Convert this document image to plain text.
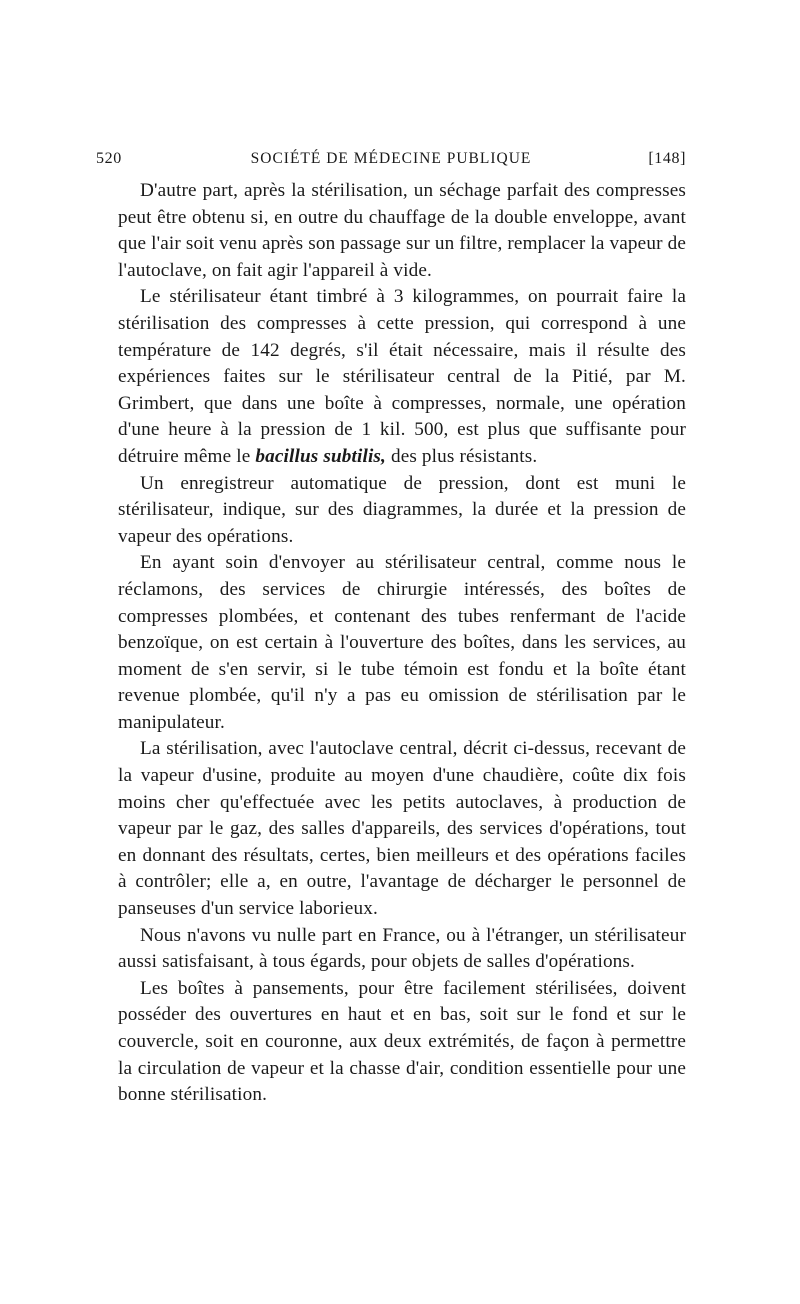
520	SOCIÉTÉ DE MÉDECINE PUBLIQUE	[148]

D'autre part, après la stérilisation, un séchage parfait des compresses peut être obtenu si, en outre du chauffage de la double enveloppe, avant que l'air soit venu après son passage sur un filtre, remplacer la vapeur de l'autoclave, on fait agir l'appareil à vide.

Le stérilisateur étant timbré à 3 kilogrammes, on pourrait faire la stérilisation des compresses à cette pression, qui correspond à une température de 142 degrés, s'il était nécessaire, mais il résulte des expériences faites sur le stérilisateur central de la Pitié, par M. Grimbert, que dans une boîte à compresses, normale, une opération d'une heure à la pression de 1 kil. 500, est plus que suffisante pour détruire même le bacillus subtilis, des plus résistants.

Un enregistreur automatique de pression, dont est muni le stérilisateur, indique, sur des diagrammes, la durée et la pression de vapeur des opérations.

En ayant soin d'envoyer au stérilisateur central, comme nous le réclamons, des services de chirurgie intéressés, des boîtes de compresses plombées, et contenant des tubes renfermant de l'acide benzoïque, on est certain à l'ouverture des boîtes, dans les services, au moment de s'en servir, si le tube témoin est fondu et la boîte étant revenue plombée, qu'il n'y a pas eu omission de stérilisation par le manipulateur.

La stérilisation, avec l'autoclave central, décrit ci-dessus, recevant de la vapeur d'usine, produite au moyen d'une chaudière, coûte dix fois moins cher qu'effectuée avec les petits autoclaves, à production de vapeur par le gaz, des salles d'appareils, des services d'opérations, tout en donnant des résultats, certes, bien meilleurs et des opérations faciles à contrôler; elle a, en outre, l'avantage de décharger le personnel de panseuses d'un service laborieux.

Nous n'avons vu nulle part en France, ou à l'étranger, un stérilisateur aussi satisfaisant, à tous égards, pour objets de salles d'opérations.

Les boîtes à pansements, pour être facilement stérilisées, doivent posséder des ouvertures en haut et en bas, soit sur le fond et sur le couvercle, soit en couronne, aux deux extrémités, de façon à permettre la circulation de vapeur et la chasse d'air, condition essentielle pour une bonne stérilisation.
